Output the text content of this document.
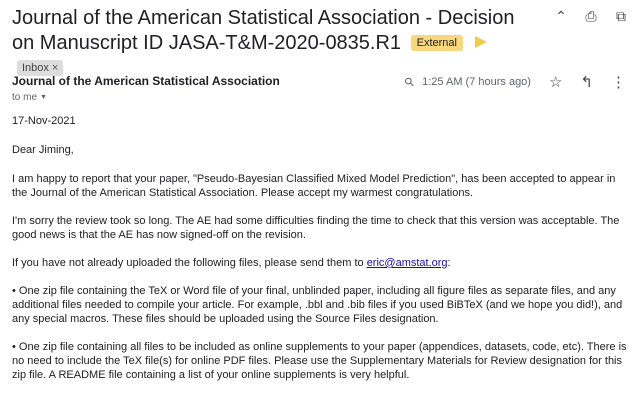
Journal of the American Statistical Association - Decision on Manuscript ID JASA-T&M-2020-0835.R1 External  Inbox ×
⌃ ⎙ ⧉
Journal of the American Statistical Association
to me ▼
⚲ 1:25 AM (7 hours ago) ☆ ↰ ⋮

17-Nov-2021

Dear Jiming,

I am happy to report that your paper, "Pseudo-Bayesian Classified Mixed Model Prediction", has been accepted to appear in the Journal of the American Statistical Association. Please accept my warmest congratulations.

I'm sorry the review took so long. The AE had some difficulties finding the time to check that this version was acceptable. The good news is that the AE has now signed-off on the revision.

If you have not already uploaded the following files, please send them to eric@amstat.org:

• One zip file containing the TeX or Word file of your final, unblinded paper, including all figure files as separate files, and any additional files needed to compile your article. For example, .bbl and .bib files if you used BiBTeX (and we hope you did!), and any special macros. These files should be uploaded using the Source Files designation.

• One zip file containing all files to be included as online supplements to your paper (appendices, datasets, code, etc). There is no need to include the TeX file(s) for online PDF files. Please use the Supplementary Materials for Review designation for this zip file. A README file containing a list of your online supplements is very helpful.
